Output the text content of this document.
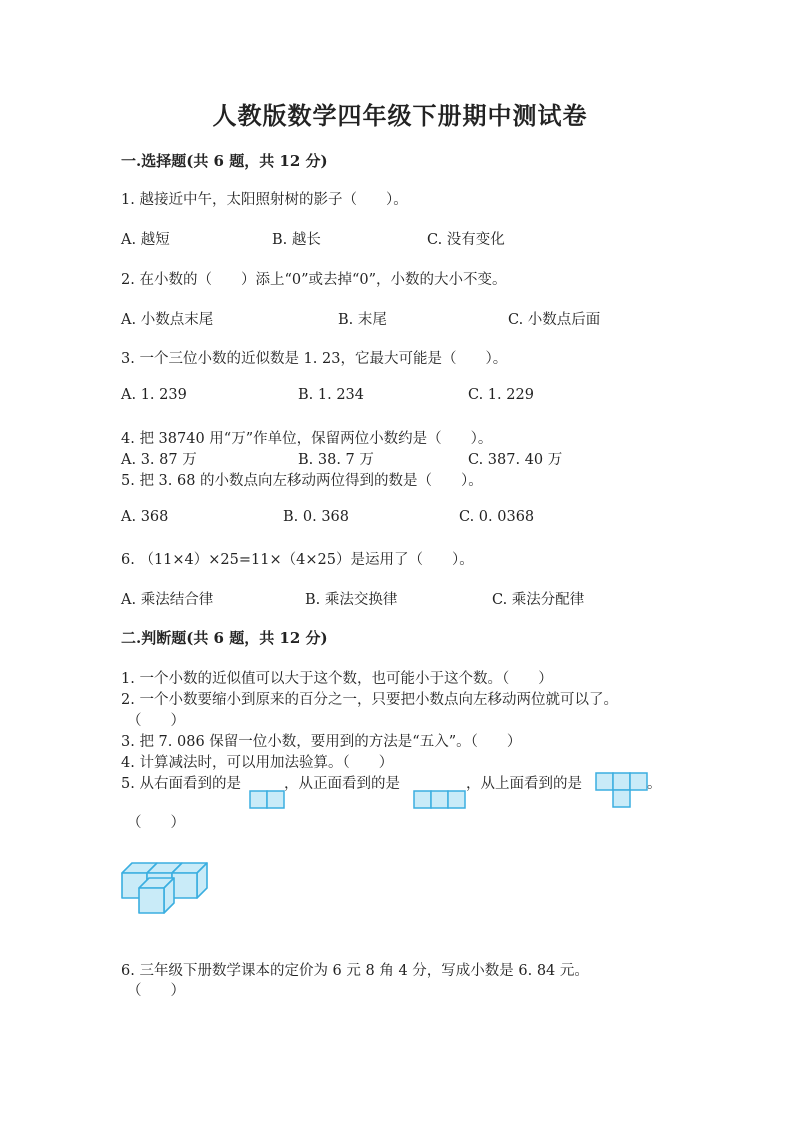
人教版数学四年级下册期中测试卷
一.选择题(共 6 题，共 12 分)
1. 越接近中午，太阳照射树的影子（　　）。
A. 越短	B. 越长	C. 没有变化
2. 在小数的（　　）添上“0”或去掉“0”，小数的大小不变。
A. 小数点末尾	B. 末尾	C. 小数点后面
3. 一个三位小数的近似数是 1. 23，它最大可能是（　　）。
A. 1. 239	B. 1. 234	C. 1. 229
4. 把 38740 用“万”作单位，保留两位小数约是（　　）。
A. 3. 87 万	B. 38. 7 万	C. 387. 40 万
5. 把 3. 68 的小数点向左移动两位得到的数是（　　）。
A. 368	B. 0. 368	C. 0. 0368
6. （11×4）×25=11×（4×25）是运用了（　　）。
A. 乘法结合律	B. 乘法交换律	C. 乘法分配律
二.判断题(共 6 题，共 12 分)
1. 一个小数的近似值可以大于这个数，也可能小于这个数。（　　）
2. 一个小数要缩小到原来的百分之一，只要把小数点向左移动两位就可以了。
（　　）
3. 把 7. 086 保留一位小数，要用到的方法是“五入”。（　　）
4. 计算减法时，可以用加法验算。（　　）
5. 从右面看到的是	，从正面看到的是	，从上面看到的是	。
（　　）
6. 三年级下册数学课本的定价为 6 元 8 角 4 分，写成小数是 6. 84 元。
（　　）
